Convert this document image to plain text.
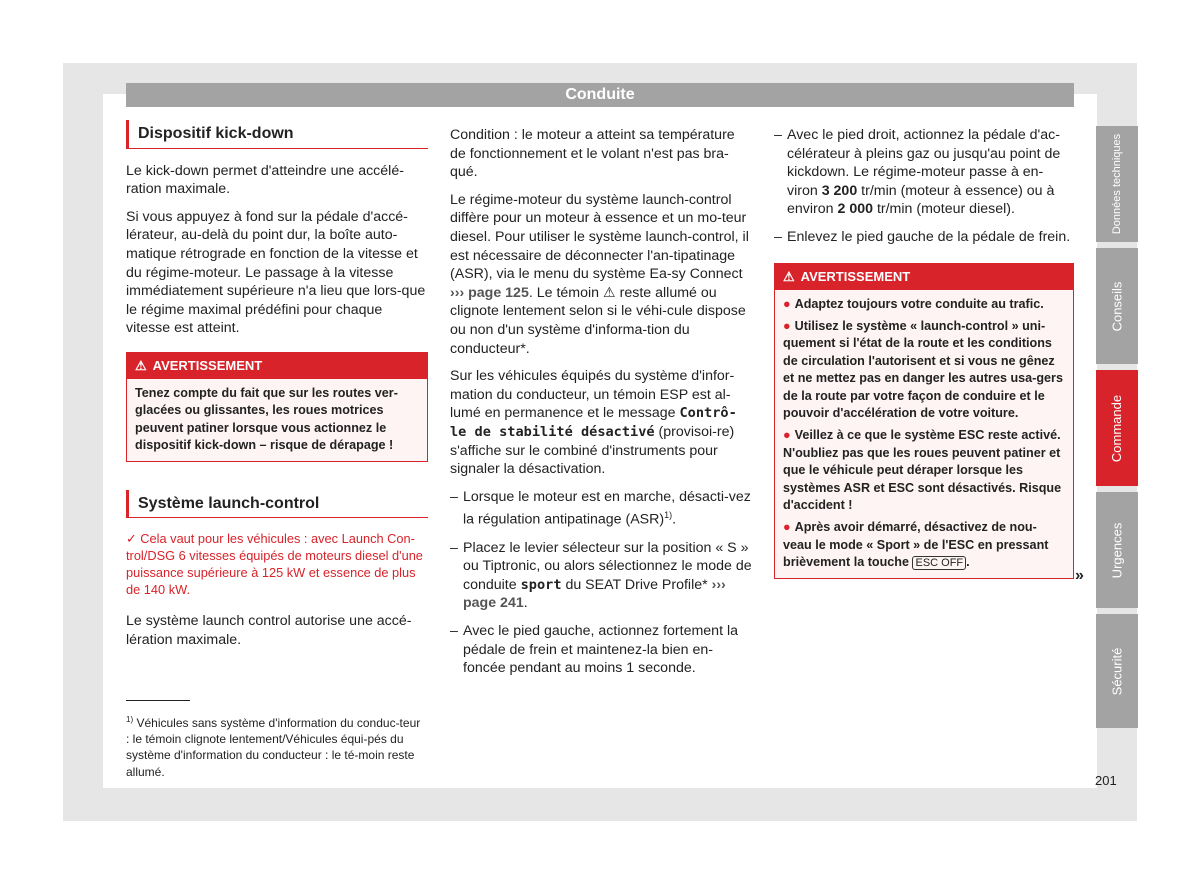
Conduite
Dispositif kick-down

Le kick-down permet d'atteindre une accélé-ration maximale.

Si vous appuyez à fond sur la pédale d'accé-lérateur, au-delà du point dur, la boîte auto-matique rétrograde en fonction de la vitesse et du régime-moteur. Le passage à la vitesse immédiatement supérieure n'a lieu que lors-que le régime maximal prédéfini pour chaque vitesse est atteint.

⚠ AVERTISSEMENT
Tenez compte du fait que sur les routes ver-glacées ou glissantes, les roues motrices peuvent patiner lorsque vous actionnez le dispositif kick-down – risque de dérapage !
Système launch-control
✓ Cela vaut pour les véhicules : avec Launch Con-trol/DSG 6 vitesses équipés de moteurs diesel d'une puissance supérieure à 125 kW et essence de plus de 140 kW.

Le système launch control autorise une accé-lération maximale.

Condition : le moteur a atteint sa température de fonctionnement et le volant n'est pas bra-qué.

Le régime-moteur du système launch-control diffère pour un moteur à essence et un mo-teur diesel. Pour utiliser le système launch-control, il est nécessaire de déconnecter l'an-tipatinage (ASR), via le menu du système Ea-sy Connect ››› page 125. Le témoin ⚠ reste allumé ou clignote lentement selon si le véhi-cule dispose ou non d'un système d'informa-tion du conducteur*.

Sur les véhicules équipés du système d'infor-mation du conducteur, un témoin ESP est al-lumé en permanence et le message Contrô-le de stabilité désactivé (provisoi-re) s'affiche sur le combiné d'instruments pour signaler la désactivation.

– Lorsque le moteur est en marche, désacti-vez la régulation antipatinage (ASR)$^{1)}$.
– Placez le levier sélecteur sur la position « S » ou Tiptronic, ou alors sélectionnez le mode de conduite sport du SEAT Drive Profile* ››› page 241.
– Avec le pied gauche, actionnez fortement la pédale de frein et maintenez-la bien en-foncée pendant au moins 1 seconde.
– Avec le pied droit, actionnez la pédale d'ac-célérateur à pleins gaz ou jusqu'au point de kickdown. Le régime-moteur passe à en-viron 3 200 tr/min (moteur à essence) ou à environ 2 000 tr/min (moteur diesel).
– Enlevez le pied gauche de la pédale de frein.
⚠ AVERTISSEMENT
● Adaptez toujours votre conduite au trafic.
● Utilisez le système « launch-control » uni-quement si l'état de la route et les conditions de circulation l'autorisent et si vous ne gênez et ne mettez pas en danger les autres usa-gers de la route par votre façon de conduire et le pouvoir d'accélération de votre voiture.
● Veillez à ce que le système ESC reste activé. N'oubliez pas que les roues peuvent patiner et que le véhicule peut déraper lorsque les systèmes ASR et ESC sont désactivés. Risque d'accident !
● Après avoir démarré, désactivez de nou-veau le mode « Sport » de l'ESC en pressant brièvement la touche ESC OFF .
»
$^{1)}$ Véhicules sans système d'information du conduc-teur : le témoin clignote lentement/Véhicules équi-pés du système d'information du conducteur : le té-moin reste allumé.
Données techniques
Conseils
Commande
Urgences
Sécurité
201
